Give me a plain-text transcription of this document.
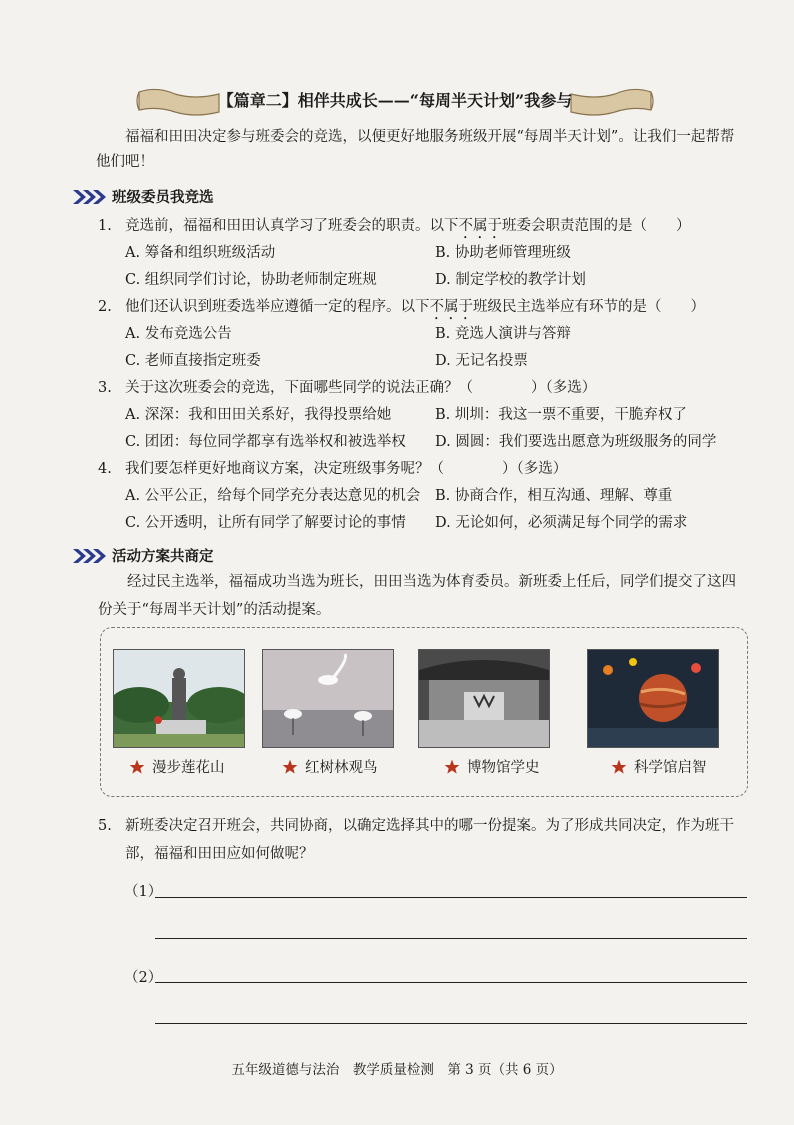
【篇章二】相伴共成长——“每周半天计划”我参与
福福和田田决定参与班委会的竞选，以便更好地服务班级开展“每周半天计划”。让我们一起帮帮他们吧！
班级委员我竞选
1. 竞选前，福福和田田认真学习了班委会的职责。以下不属于班委会职责范围的是（　　）
A. 筹备和组织班级活动	B. 协助老师管理班级
C. 组织同学们讨论，协助老师制定班规	D. 制定学校的教学计划
2. 他们还认识到班委选举应遵循一定的程序。以下不属于班级民主选举应有环节的是（　　）
A. 发布竞选公告	B. 竞选人演讲与答辩
C. 老师直接指定班委	D. 无记名投票
3. 关于这次班委会的竞选，下面哪些同学的说法正确？（　　　　）（多选）
A. 深深：我和田田关系好，我得投票给她	B. 圳圳：我这一票不重要，干脆弃权了
C. 团团：每位同学都享有选举权和被选举权 D. 圆圆：我们要选出愿意为班级服务的同学
4. 我们要怎样更好地商议方案，决定班级事务呢？（　　　　）（多选）
A. 公平公正，给每个同学充分表达意见的机会 B. 协商合作，相互沟通、理解、尊重
C. 公开透明，让所有同学了解要讨论的事情 D. 无论如何，必须满足每个同学的需求
活动方案共商定
经过民主选举，福福成功当选为班长，田田当选为体育委员。新班委上任后，同学们提交了这四份关于“每周半天计划”的活动提案。
漫步莲花山	红树林观鸟	博物馆学史	科学馆启智
5. 新班委决定召开班会，共同协商，以确定选择其中的哪一份提案。为了形成共同决定，作为班干部，福福和田田应如何做呢？
（1）
（2）
五年级道德与法治　教学质量检测　第 3 页（共 6 页）
